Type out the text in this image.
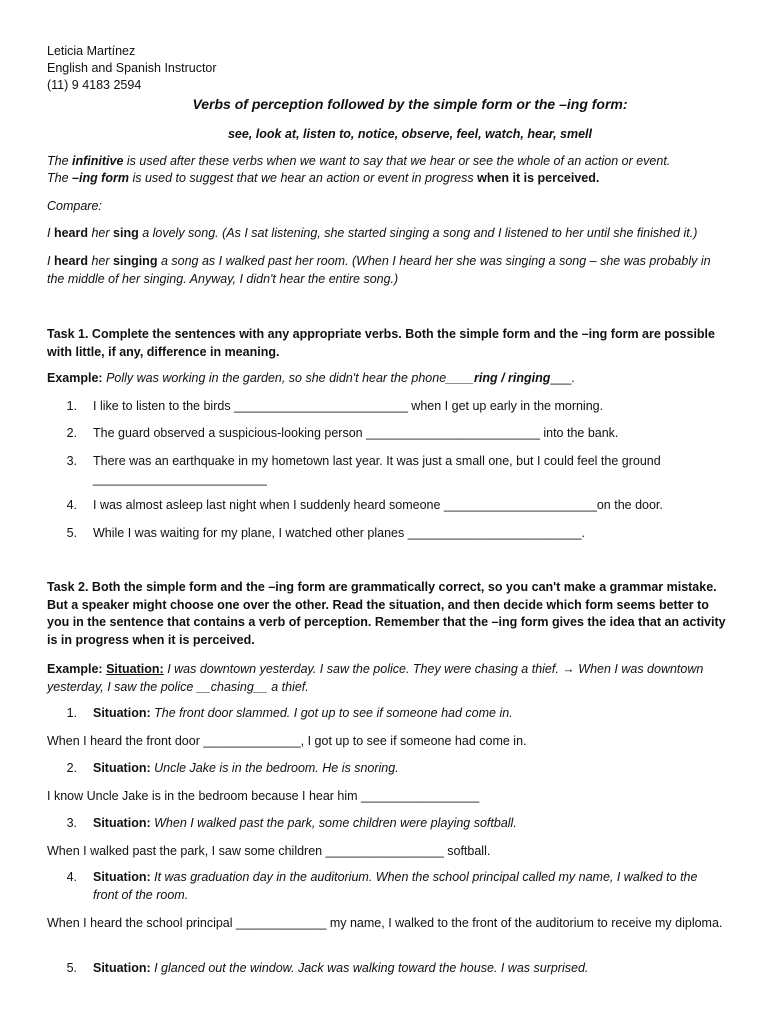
Leticia Martínez
English and Spanish Instructor
(11) 9 4183 2594
Verbs of perception followed by the simple form or the –ing form:
see, look at, listen to, notice, observe, feel, watch, hear, smell
The infinitive is used after these verbs when we want to say that we hear or see the whole of an action or event.
The –ing form is used to suggest that we hear an action or event in progress when it is perceived.
Compare:
I heard her sing a lovely song. (As I sat listening, she started singing a song and I listened to her until she finished it.)
I heard her singing a song as I walked past her room. (When I heard her she was singing a song – she was probably in the middle of her singing. Anyway, I didn't hear the entire song.)
Task 1. Complete the sentences with any appropriate verbs. Both the simple form and the –ing form are possible with little, if any, difference in meaning.
Example: Polly was working in the garden, so she didn't hear the phone____ring / ringing___.
1. I like to listen to the birds _________________________ when I get up early in the morning.
2. The guard observed a suspicious-looking person _________________________ into the bank.
3. There was an earthquake in my hometown last year. It was just a small one, but I could feel the ground _________________________
4. I was almost asleep last night when I suddenly heard someone ______________________on the door.
5. While I was waiting for my plane, I watched other planes _________________________.
Task 2. Both the simple form and the –ing form are grammatically correct, so you can't make a grammar mistake. But a speaker might choose one over the other. Read the situation, and then decide which form seems better to you in the sentence that contains a verb of perception. Remember that the –ing form gives the idea that an activity is in progress when it is perceived.
Example: Situation: I was downtown yesterday. I saw the police. They were chasing a thief. → When I was downtown yesterday, I saw the police __chasing__ a thief.
1. Situation: The front door slammed. I got up to see if someone had come in.
When I heard the front door ______________, I got up to see if someone had come in.
2. Situation: Uncle Jake is in the bedroom. He is snoring.
I know Uncle Jake is in the bedroom because I hear him _________________
3. Situation: When I walked past the park, some children were playing softball.
When I walked past the park, I saw some children _________________ softball.
4. Situation: It was graduation day in the auditorium. When the school principal called my name, I walked to the front of the room.
When I heard the school principal _____________ my name, I walked to the front of the auditorium to receive my diploma.
5. Situation: I glanced out the window. Jack was walking toward the house. I was surprised.
